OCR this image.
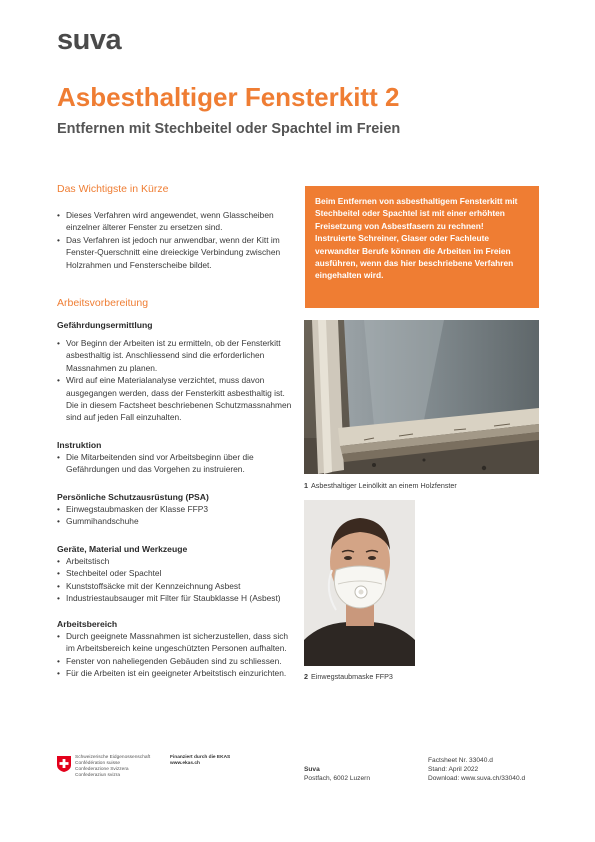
suva
Asbesthaltiger Fensterkitt 2
Entfernen mit Stechbeitel oder Spachtel im Freien
Das Wichtigste in Kürze
• Dieses Verfahren wird angewendet, wenn Glasscheiben einzelner älterer Fenster zu ersetzen sind.
• Das Verfahren ist jedoch nur anwendbar, wenn der Kitt im Fenster-Querschnitt eine dreieckige Verbindung zwischen Holzrahmen und Fensterscheibe bildet.

Beim Entfernen von asbesthaltigem Fensterkitt mit Stechbeitel oder Spachtel ist mit einer erhöhten Freisetzung von Asbestfasern zu rechnen!

Instruierte Schreiner, Glaser oder Fachleute verwandter Berufe können die Arbeiten im Freien ausführen, wenn das hier beschriebene Verfahren eingehalten wird.

Arbeitsvorbereitung
Gefährdungsermittlung
• Vor Beginn der Arbeiten ist zu ermitteln, ob der Fensterkitt asbesthaltig ist. Anschliessend sind die erforderlichen Massnahmen zu planen.
• Wird auf eine Materialanalyse verzichtet, muss davon ausgegangen werden, dass der Fensterkitt asbesthaltig ist. Die in diesem Factsheet beschriebenen Schutzmassnahmen sind auf jeden Fall einzuhalten.
Instruktion
• Die Mitarbeitenden sind vor Arbeitsbeginn über die Gefährdungen und das Vorgehen zu instruieren.
Persönliche Schutzausrüstung (PSA)
• Einwegstaubmasken der Klasse FFP3
• Gummihandschuhe
Geräte, Material und Werkzeuge
• Arbeitstisch
• Stechbeitel oder Spachtel
• Kunststoffsäcke mit der Kennzeichnung Asbest
• Industriestaubsauger mit Filter für Staubklasse H (Asbest)
Arbeitsbereich
• Durch geeignete Massnahmen ist sicherzustellen, dass sich im Arbeitsbereich keine ungeschützten Personen aufhalten.
• Fenster von naheliegenden Gebäuden sind zu schliessen.
• Für die Arbeiten ist ein geeigneter Arbeitstisch einzurichten.
1 Asbesthaltiger Leinölkitt an einem Holzfenster
2 Einwegstaubmaske FFP3
Schweizerische Eidgenossenschaft
Confédération suisse
Confederazione Svizzera
Confederaziun svizra
Finanziert durch die EKAS
www.ekas.ch
Suva
Postfach, 6002 Luzern
Factsheet Nr. 33040.d
Stand: April 2022
Download: www.suva.ch/33040.d
